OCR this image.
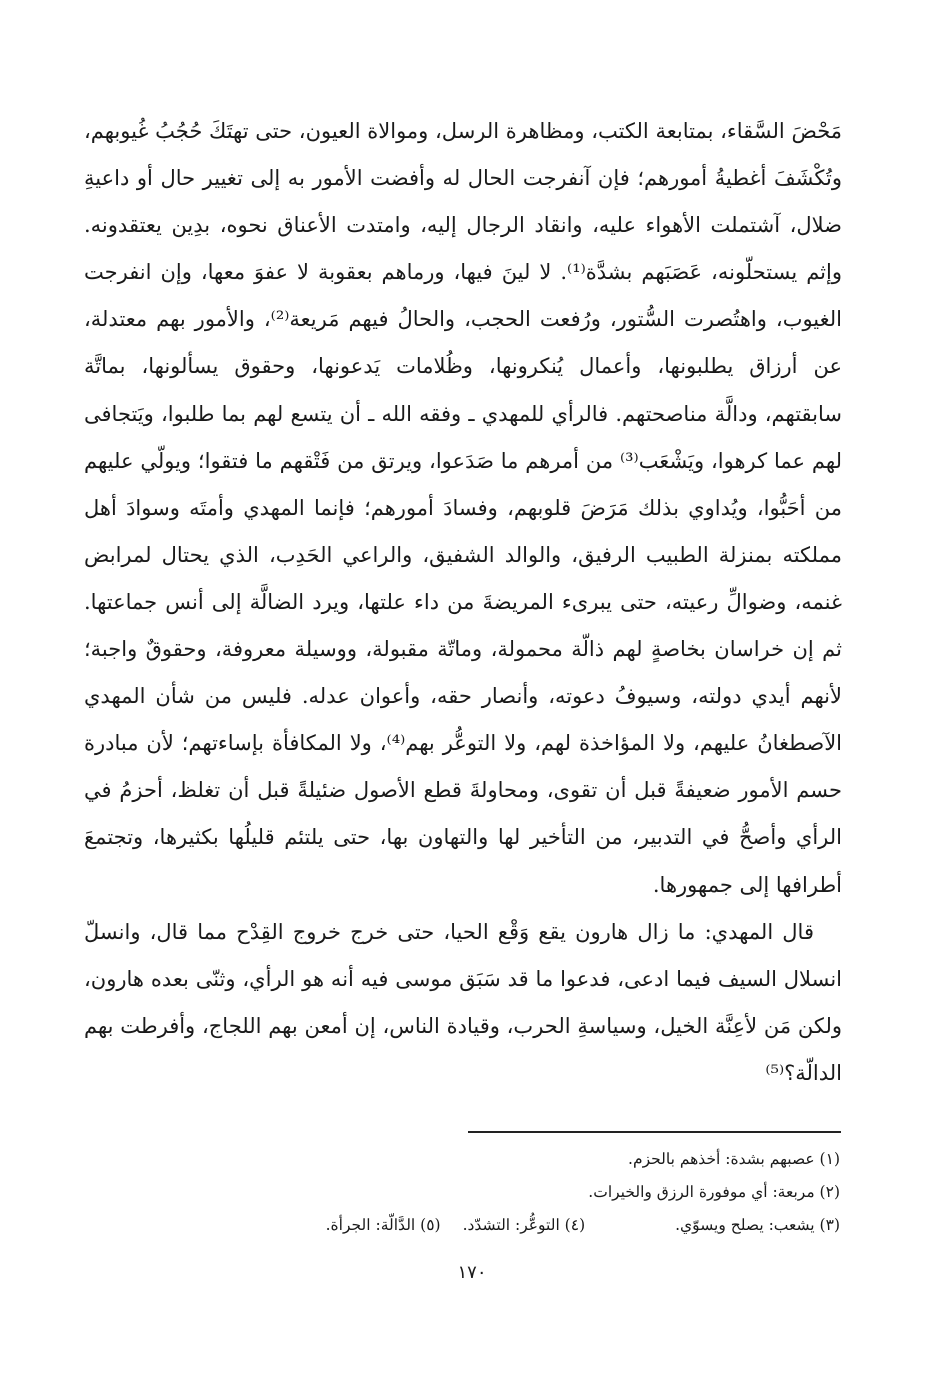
مَحْضَ السَّقاء، بمتابعة الكتب، ومظاهرة الرسل، وموالاة العيون، حتى تهتَكَ حُجُبُ غُيوبهم، وتُكْشَفَ أغطيةُ أمورهم؛ فإن آنفرجت الحال له وأفضت الأمور به إلى تغيير حال أو داعيةِ ضلال، آشتملت الأهواء عليه، وانقاد الرجال إليه، وامتدت الأعناق نحوه، بدِين يعتقدونه. وإثم يستحلّونه، عَصَبَهم بشدَّة⁽¹⁾. لا لينَ فيها، ورماهم بعقوبة لا عفوَ معها، وإن انفرجت الغيوب، واهتُصرت السُّتور، ورُفعت الحجب، والحالُ فيهم مَريعة⁽²⁾، والأمور بهم معتدلة، عن أرزاق يطلبونها، وأعمال يُنكرونها، وظُلامات يَدعونها، وحقوق يسألونها، بماتَّة سابقتهم، ودالَّة مناصحتهم. فالرأي للمهدي ـ وفقه الله ـ أن يتسع لهم بما طلبوا، ويَتجافى لهم عما كرهوا، ويَشْعَب⁽³⁾ من أمرهم ما صَدَعوا، ويرتق من فَتْقهم ما فتقوا؛ ويولّي عليهم من أحَبُّوا، ويُداوي بذلك مَرَضَ قلوبهم، وفسادَ أمورهم؛ فإنما المهدي وأمتَه وسوادَ أهل مملكته بمنزلة الطبيب الرفيق، والوالد الشفيق، والراعي الحَدِب، الذي يحتال لمرابض غنمه، وضوالِّ رعيته، حتى يبرىء المريضةَ من داء علتها، ويرد الضالَّة إلى أنس جماعتها. ثم إن خراسان بخاصةٍ لهم ذالّة محمولة، وماتّة مقبولة، ووسيلة معروفة، وحقوقٌ واجبة؛ لأنهم أيدي دولته، وسيوفُ دعوته، وأنصار حقه، وأعوان عدله. فليس من شأن المهدي الآصطغانُ عليهم، ولا المؤاخذة لهم، ولا التوعُّر بهم⁽⁴⁾، ولا المكافأة بإساءتهم؛ لأن مبادرة حسم الأمور ضعيفةً قبل أن تقوى، ومحاولةَ قطع الأصول ضئيلةً قبل أن تغلظ، أحزمُ في الرأي وأصحُّ في التدبير، من التأخير لها والتهاون بها، حتى يلتئم قليلُها بكثيرها، وتجتمعَ أطرافها إلى جمهورها.

قال المهدي: ما زال هارون يقع وَقْع الحيا، حتى خرج خروج القِدْح مما قال، وانسلّ انسلال السيف فيما ادعى، فدعوا ما قد سَبَق موسى فيه أنه هو الرأي، وثنّى بعده هارون، ولكن مَن لأعِنَّة الخيل، وسياسةِ الحرب، وقيادة الناس، إن أمعن بهم اللجاج، وأفرطت بهم الدالّة؟⁽⁵⁾

(١) عصبهم بشدة: أخذهم بالحزم.
(٢) مربعة: أي موفورة الرزق والخيرات.
(٣) يشعب: يصلح ويسوّي.(٤) التوعُّر: التشدّد.(٥) الدَّالّة: الجرأة.
١٧٠
